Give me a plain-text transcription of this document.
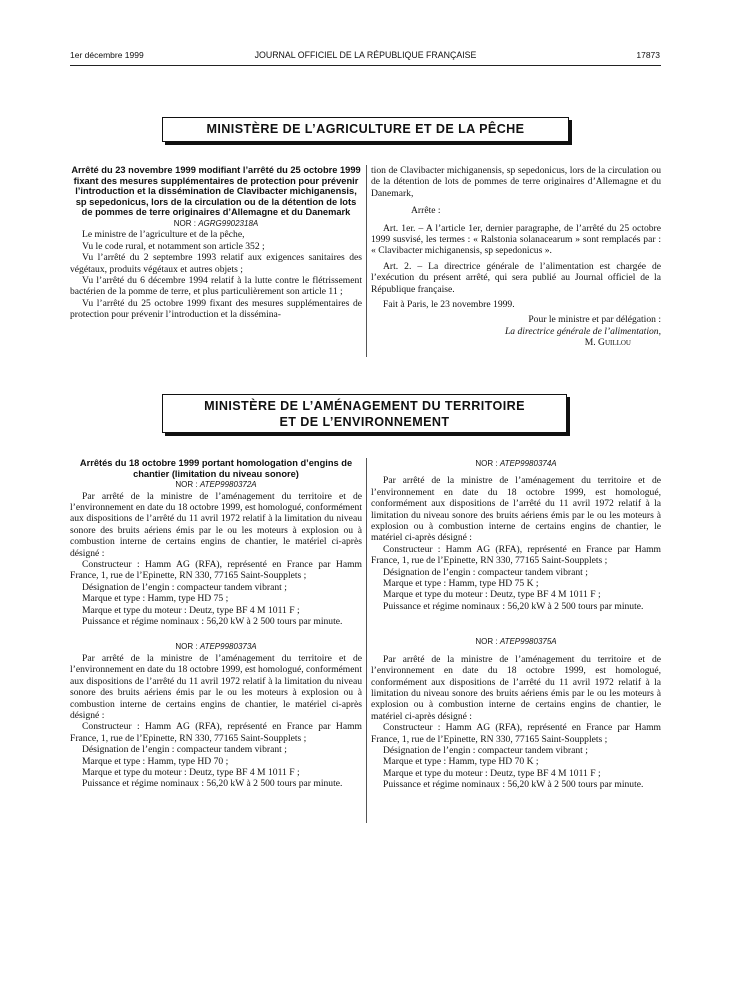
1er décembre 1999	JOURNAL OFFICIEL DE LA RÉPUBLIQUE FRANÇAISE	17873
MINISTÈRE DE L’AGRICULTURE ET DE LA PÊCHE

Arrêté du 23 novembre 1999 modifiant l’arrêté du 25 octobre 1999 fixant des mesures supplémentaires de protection pour prévenir l’introduction et la dissémination de Clavibacter michiganensis, sp sepedonicus, lors de la circulation ou de la détention de lots de pommes de terre originaires d’Allemagne et du Danemark

NOR : AGRG9902318A

Le ministre de l’agriculture et de la pêche,

Vu le code rural, et notamment son article 352 ;

Vu l’arrêté du 2 septembre 1993 relatif aux exigences sanitaires des végétaux, produits végétaux et autres objets ;

Vu l’arrêté du 6 décembre 1994 relatif à la lutte contre le flétrissement bactérien de la pomme de terre, et plus particulièrement son article 11 ;

Vu l’arrêté du 25 octobre 1999 fixant des mesures supplémentaires de protection pour prévenir l’introduction et la dissémina-

tion de Clavibacter michiganensis, sp sepedonicus, lors de la circulation ou de la détention de lots de pommes de terre originaires d’Allemagne et du Danemark,

Arrête :

Art. 1er. – A l’article 1er, dernier paragraphe, de l’arrêté du 25 octobre 1999 susvisé, les termes : « Ralstonia solanacearum » sont remplacés par : « Clavibacter michiganensis, sp sepedonicus ».

Art. 2. – La directrice générale de l’alimentation est chargée de l’exécution du présent arrêté, qui sera publié au Journal officiel de la République française.

Fait à Paris, le 23 novembre 1999.

Pour le ministre et par délégation :

La directrice générale de l’alimentation,

M. Guillou

MINISTÈRE DE L’AMÉNAGEMENT DU TERRITOIRE
ET DE L’ENVIRONNEMENT

Arrêtés du 18 octobre 1999 portant homologation d’engins de chantier (limitation du niveau sonore)

NOR : ATEP9980372A

Par arrêté de la ministre de l’aménagement du territoire et de l’environnement en date du 18 octobre 1999, est homologué, conformément aux dispositions de l’arrêté du 11 avril 1972 relatif à la limitation du niveau sonore des bruits aériens émis par le ou les moteurs à explosion ou à combustion interne de certains engins de chantier, le matériel ci-après désigné :

Constructeur : Hamm AG (RFA), représenté en France par Hamm France, 1, rue de l’Epinette, RN 330, 77165 Saint-Soupplets ;

Désignation de l’engin : compacteur tandem vibrant ;

Marque et type : Hamm, type HD 75 ;

Marque et type du moteur : Deutz, type BF 4 M 1011 F ;

Puissance et régime nominaux : 56,20 kW à 2 500 tours par minute.

NOR : ATEP9980373A

Par arrêté de la ministre de l’aménagement du territoire et de l’environnement en date du 18 octobre 1999, est homologué, conformément aux dispositions de l’arrêté du 11 avril 1972 relatif à la limitation du niveau sonore des bruits aériens émis par le ou les moteurs à explosion ou à combustion interne de certains engins de chantier, le matériel ci-après désigné :

Constructeur : Hamm AG (RFA), représenté en France par Hamm France, 1, rue de l’Epinette, RN 330, 77165 Saint-Soupplets ;

Désignation de l’engin : compacteur tandem vibrant ;

Marque et type : Hamm, type HD 70 ;

Marque et type du moteur : Deutz, type BF 4 M 1011 F ;

Puissance et régime nominaux : 56,20 kW à 2 500 tours par minute.

NOR : ATEP9980374A

Par arrêté de la ministre de l’aménagement du territoire et de l’environnement en date du 18 octobre 1999, est homologué, conformément aux dispositions de l’arrêté du 11 avril 1972 relatif à la limitation du niveau sonore des bruits aériens émis par le ou les moteurs à explosion ou à combustion interne de certains engins de chantier, le matériel ci-après désigné :

Constructeur : Hamm AG (RFA), représenté en France par Hamm France, 1, rue de l’Epinette, RN 330, 77165 Saint-Soupplets ;

Désignation de l’engin : compacteur tandem vibrant ;

Marque et type : Hamm, type HD 75 K ;

Marque et type du moteur : Deutz, type BF 4 M 1011 F ;

Puissance et régime nominaux : 56,20 kW à 2 500 tours par minute.

NOR : ATEP9980375A

Par arrêté de la ministre de l’aménagement du territoire et de l’environnement en date du 18 octobre 1999, est homologué, conformément aux dispositions de l’arrêté du 11 avril 1972 relatif à la limitation du niveau sonore des bruits aériens émis par le ou les moteurs à explosion ou à combustion interne de certains engins de chantier, le matériel ci-après désigné :

Constructeur : Hamm AG (RFA), représenté en France par Hamm France, 1, rue de l’Epinette, RN 330, 77165 Saint-Soupplets ;

Désignation de l’engin : compacteur tandem vibrant ;

Marque et type : Hamm, type HD 70 K ;

Marque et type du moteur : Deutz, type BF 4 M 1011 F ;

Puissance et régime nominaux : 56,20 kW à 2 500 tours par minute.
